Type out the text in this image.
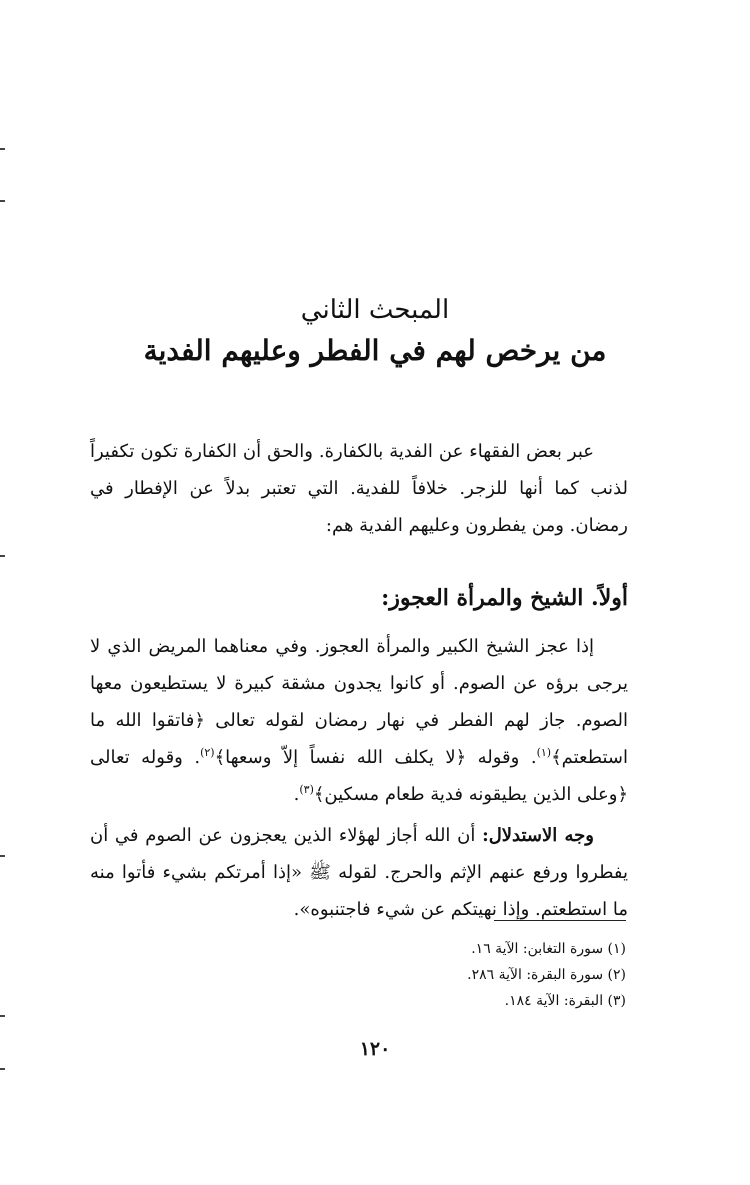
المبحث الثاني
من يرخص لهم في الفطر وعليهم الفدية

عبر بعض الفقهاء عن الفدية بالكفارة. والحق أن الكفارة تكون تكفيراً لذنب كما أنها للزجر. خلافاً للفدية. التي تعتبر بدلاً عن الإفطار في رمضان. ومن يفطرون وعليهم الفدية هم:

أولاً. الشيخ والمرأة العجوز:

إذا عجز الشيخ الكبير والمرأة العجوز. وفي معناهما المريض الذي لا يرجى برؤه عن الصوم. أو كانوا يجدون مشقة كبيرة لا يستطيعون معها الصوم. جاز لهم الفطر في نهار رمضان لقوله تعالى ﴿فاتقوا الله ما استطعتم﴾$^{(١)}$. وقوله ﴿لا يكلف الله نفساً إلاّ وسعها﴾$^{(٢)}$. وقوله تعالى ﴿وعلى الذين يطيقونه فدية طعام مسكين﴾$^{(٣)}$.

وجه الاستدلال: أن الله أجاز لهؤلاء الذين يعجزون عن الصوم في أن يفطروا ورفع عنهم الإثم والحرج. لقوله ﷺ «إذا أمرتكم بشيء فأتوا منه ما استطعتم. وإذا نهيتكم عن شيء فاجتنبوه».

(١) سورة التغابن: الآية ١٦.
(٢) سورة البقرة: الآية ٢٨٦.
(٣) البقرة: الآية ١٨٤.
١٢٠
